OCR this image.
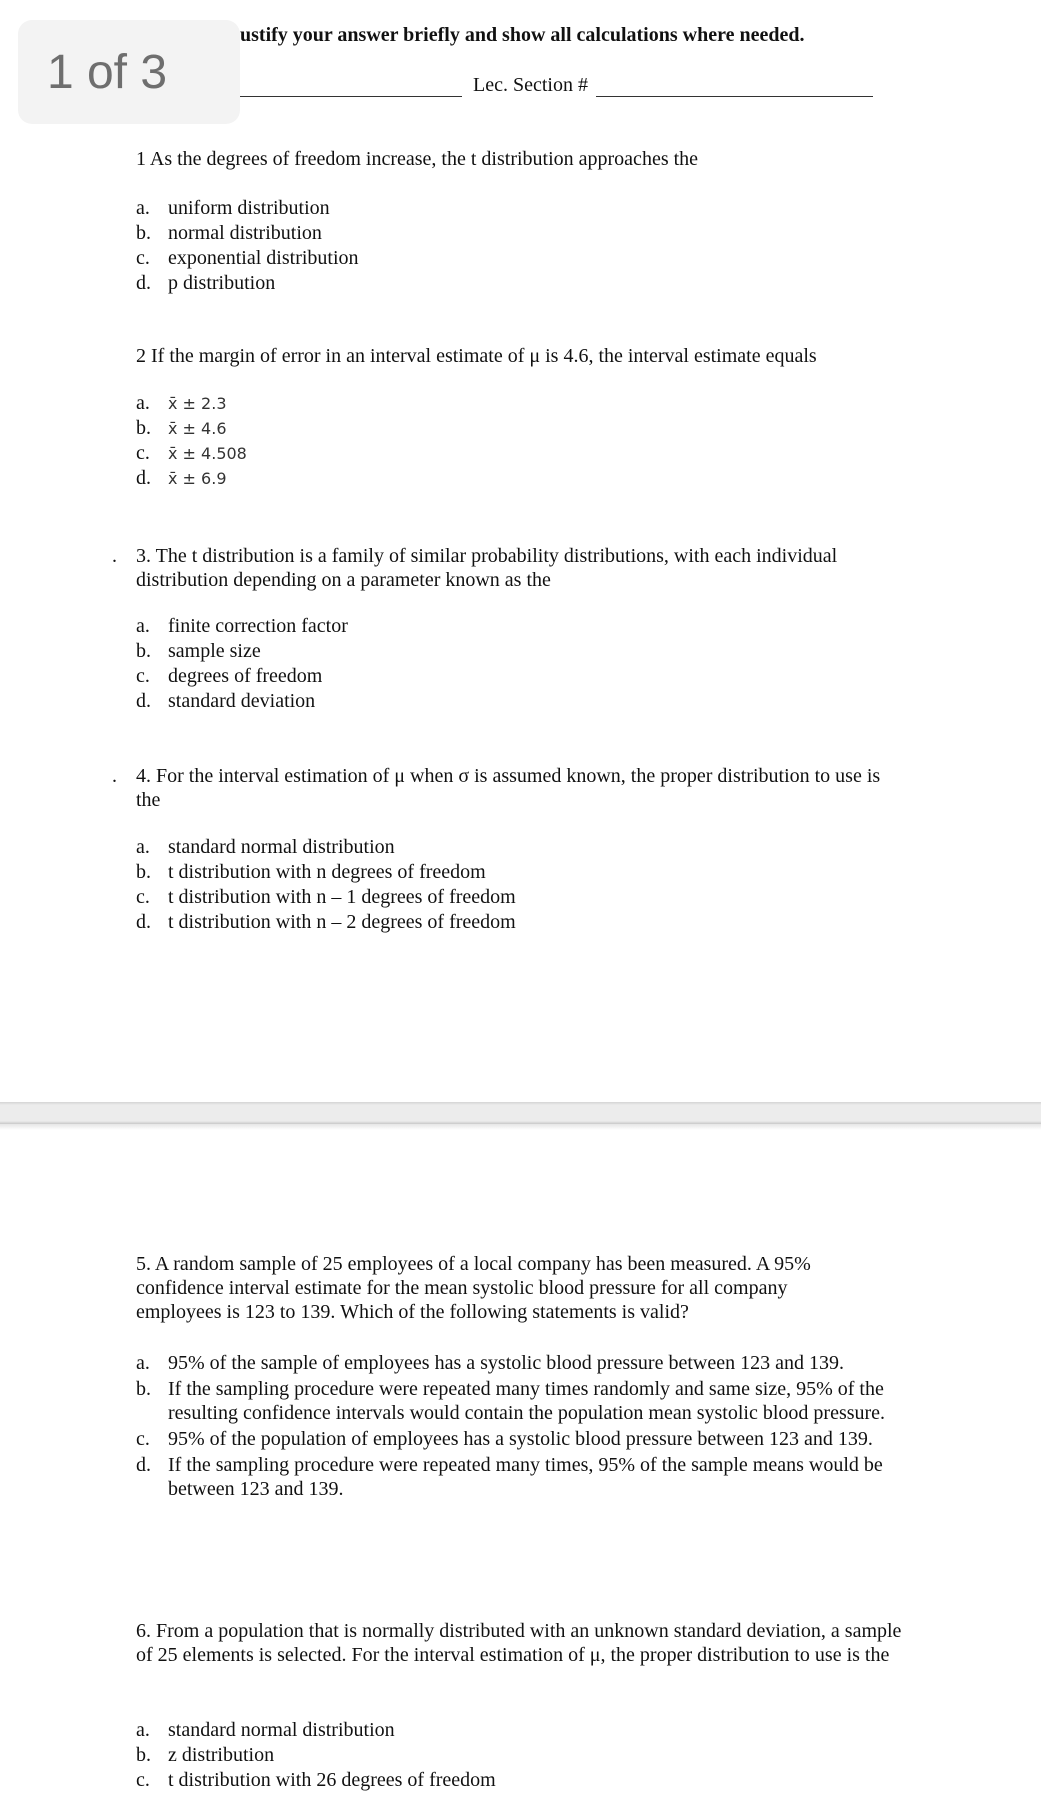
1 of 3
ustify your answer briefly and show all calculations where needed.
Lec. Section #
1 As the degrees of freedom increase, the t distribution approaches the
a. uniform distribution
b. normal distribution
c. exponential distribution
d. p distribution
2 If the margin of error in an interval estimate of μ is 4.6, the interval estimate equals
a. x̄ ± 2.3
b. x̄ ± 4.6
c. x̄ ± 4.508
d. x̄ ± 6.9
. 3. The t distribution is a family of similar probability distributions, with each individual distribution depending on a parameter known as the
a. finite correction factor
b. sample size
c. degrees of freedom
d. standard deviation
. 4. For the interval estimation of μ when σ is assumed known, the proper distribution to use is the
a. standard normal distribution
b. t distribution with n degrees of freedom
c. t distribution with n – 1 degrees of freedom
d. t distribution with n – 2 degrees of freedom
5. A random sample of 25 employees of a local company has been measured. A 95% confidence interval estimate for the mean systolic blood pressure for all company employees is 123 to 139. Which of the following statements is valid?
a. 95% of the sample of employees has a systolic blood pressure between 123 and 139.
b. If the sampling procedure were repeated many times randomly and same size, 95% of the resulting confidence intervals would contain the population mean systolic blood pressure.
c. 95% of the population of employees has a systolic blood pressure between 123 and 139.
d. If the sampling procedure were repeated many times, 95% of the sample means would be between 123 and 139.
6. From a population that is normally distributed with an unknown standard deviation, a sample of 25 elements is selected. For the interval estimation of μ, the proper distribution to use is the
a. standard normal distribution
b. z distribution
c. t distribution with 26 degrees of freedom
